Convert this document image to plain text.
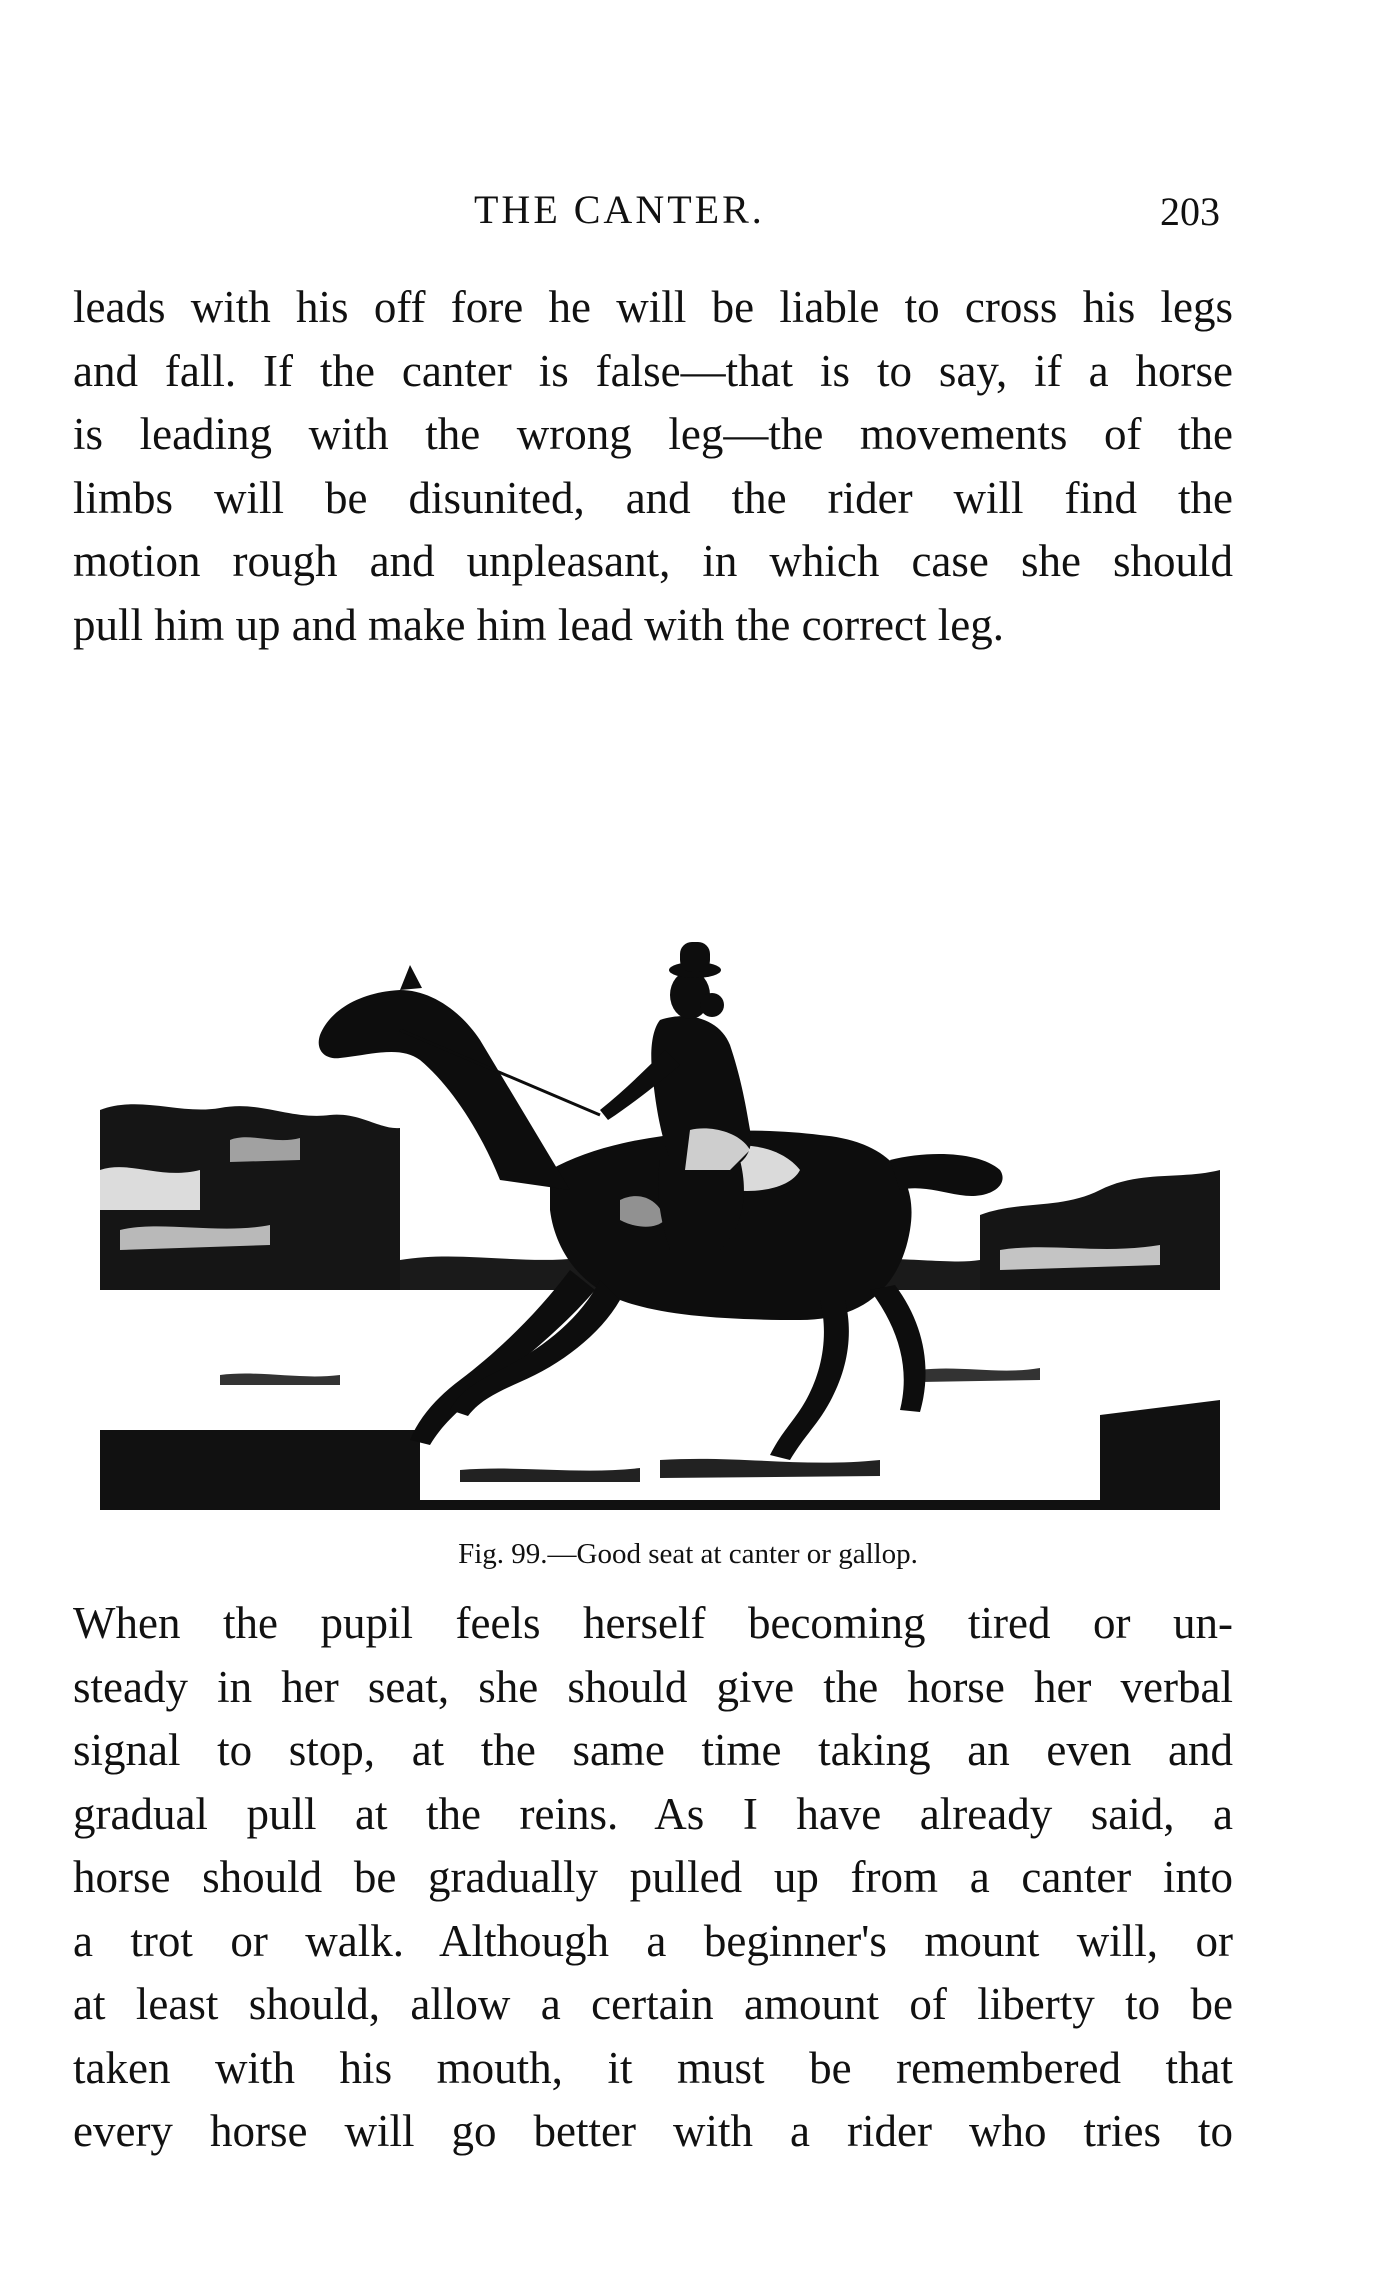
THE CANTER.	203
leads with his off fore he will be liable to cross his legs
and fall. If the canter is false—that is to say, if a horse
is leading with the wrong leg—the movements of the
limbs will be disunited, and the rider will find the
motion rough and unpleasant, in which case she should
pull him up and make him lead with the correct leg.
Fig. 99.—Good seat at canter or gallop.
When the pupil feels herself becoming tired or un-
steady in her seat, she should give the horse her verbal
signal to stop, at the same time taking an even and
gradual pull at the reins. As I have already said, a
horse should be gradually pulled up from a canter into
a trot or walk. Although a beginner's mount will, or
at least should, allow a certain amount of liberty to be
taken with his mouth, it must be remembered that
every horse will go better with a rider who tries to
